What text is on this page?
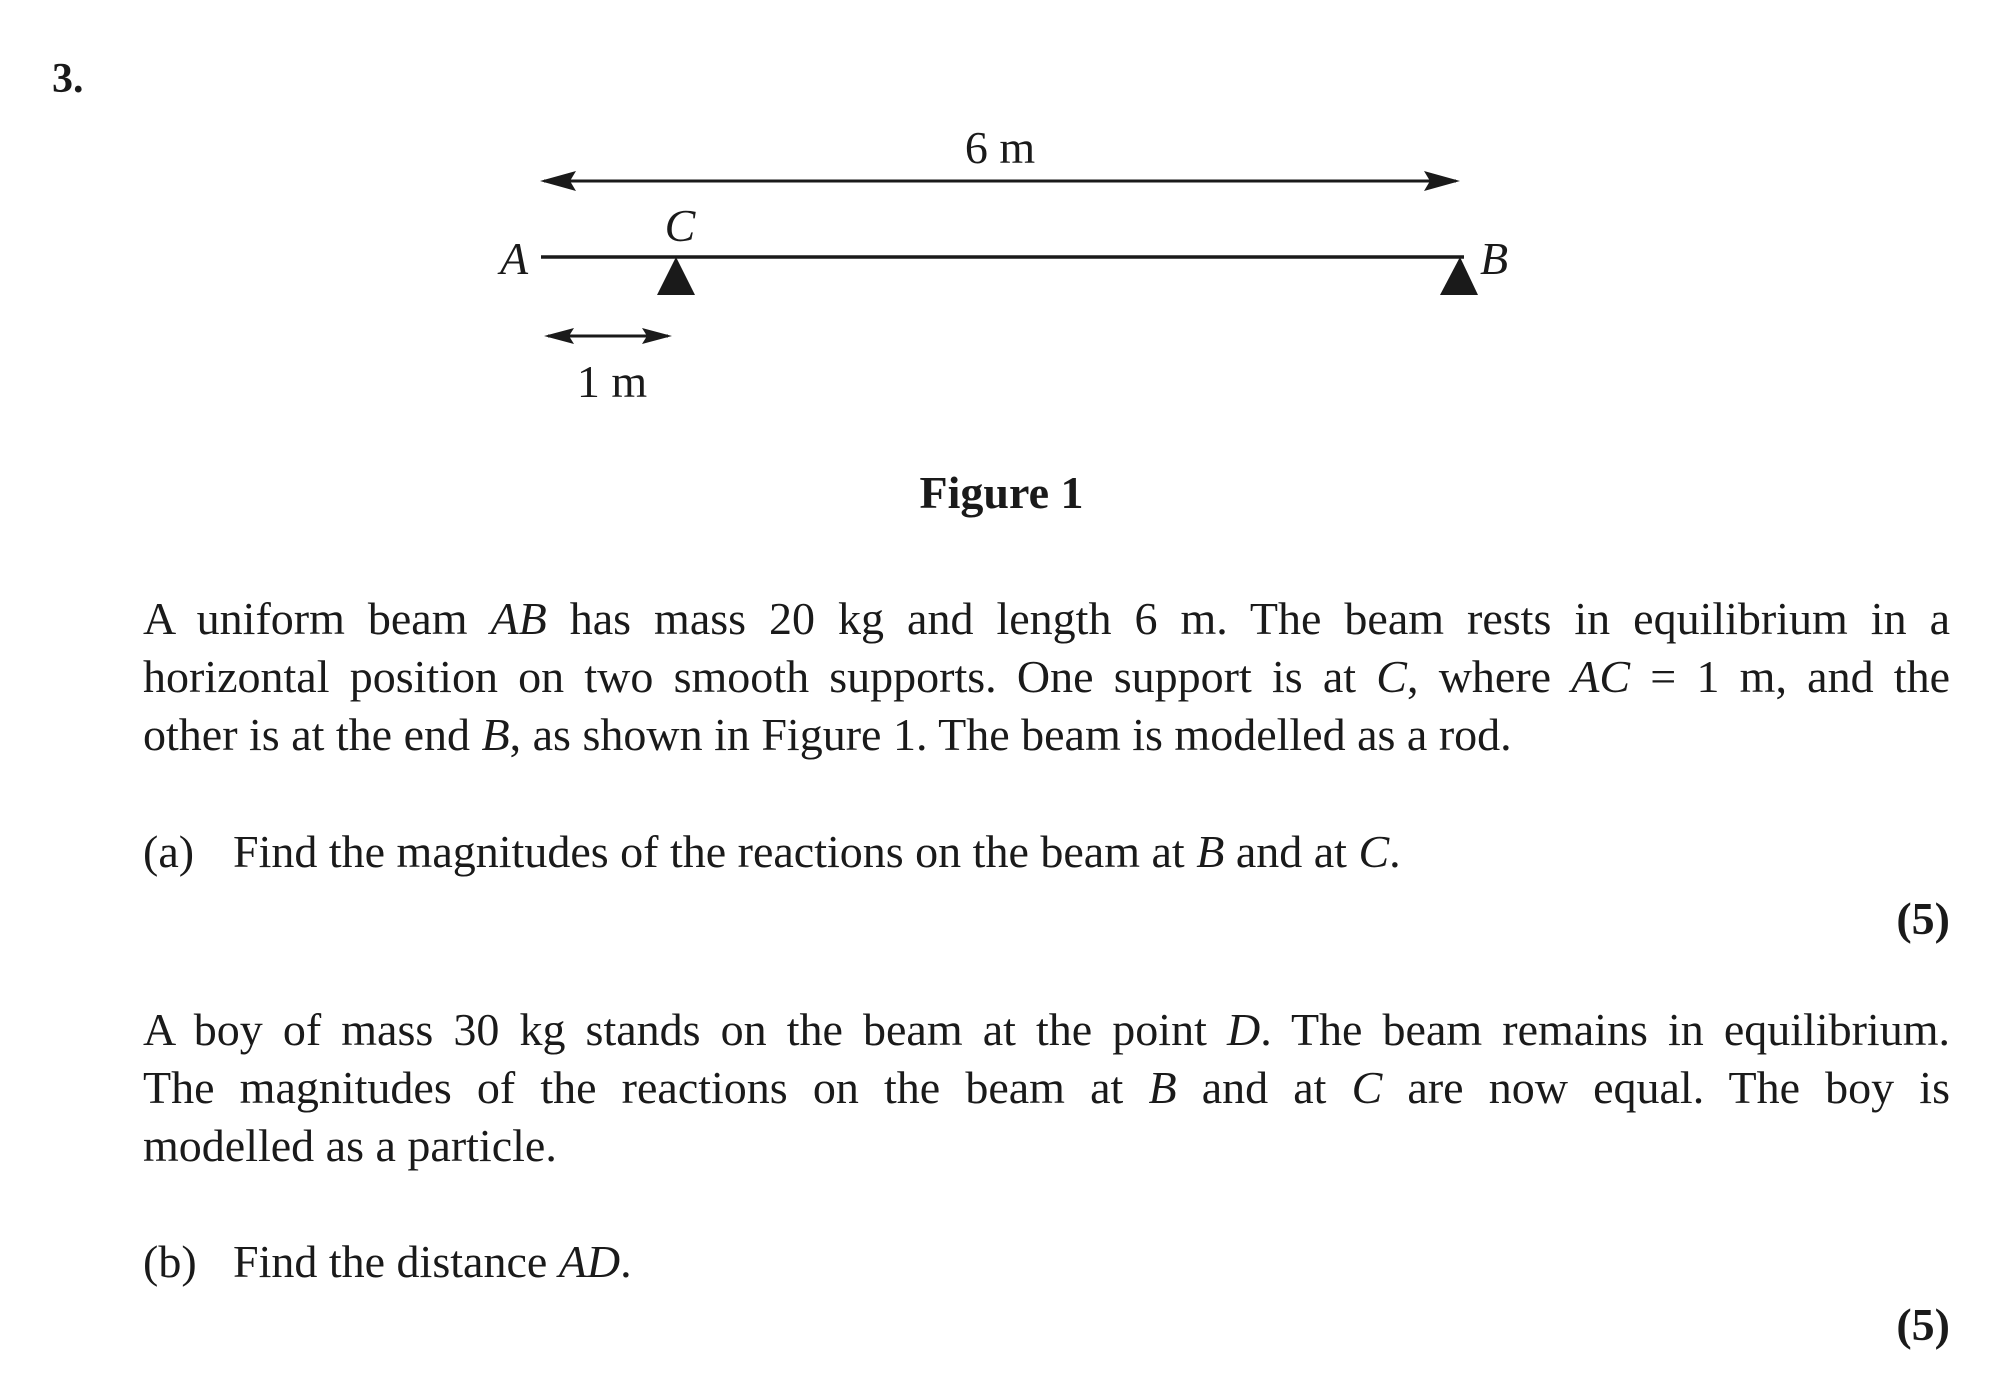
3.
6 m
A	B
C
1 m
Figure 1
A uniform beam AB has mass 20 kg and length 6 m. The beam rests in equilibrium in a
horizontal position on two smooth supports. One support is at C, where AC = 1 m, and the
other is at the end B, as shown in Figure 1. The beam is modelled as a rod.
(a) Find the magnitudes of the reactions on the beam at B and at C.
(5)
A boy of mass 30 kg stands on the beam at the point D. The beam remains in equilibrium.
The magnitudes of the reactions on the beam at B and at C are now equal. The boy is
modelled as a particle.
(b) Find the distance AD.
(5)
